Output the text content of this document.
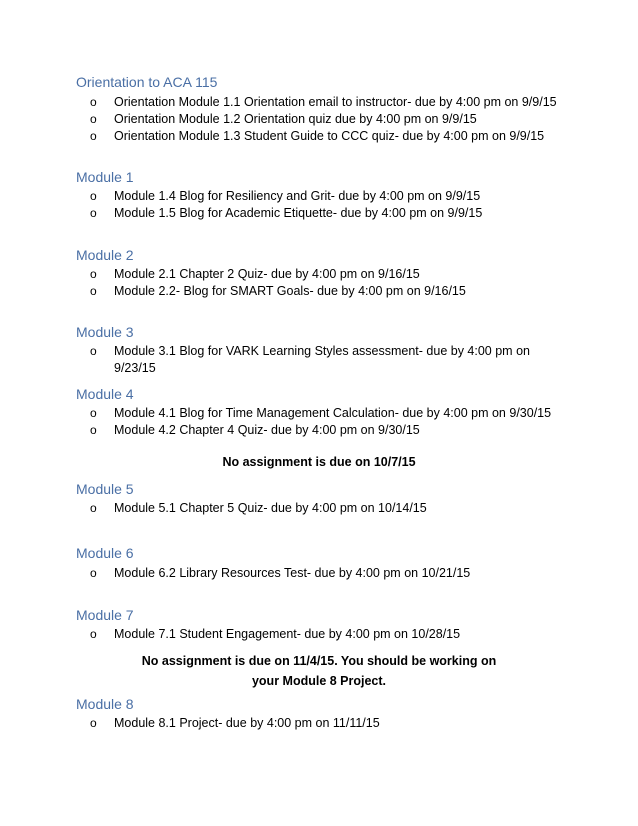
Orientation to ACA 115
o Orientation Module 1.1 Orientation email to instructor- due by 4:00 pm on 9/9/15
o Orientation Module 1.2 Orientation quiz due by 4:00 pm on 9/9/15
o Orientation Module 1.3 Student Guide to CCC quiz- due by 4:00 pm on 9/9/15
Module 1
o Module 1.4 Blog for Resiliency and Grit- due by 4:00 pm on 9/9/15
o Module 1.5 Blog for Academic Etiquette- due by 4:00 pm on 9/9/15
Module 2
o Module 2.1 Chapter 2 Quiz- due by 4:00 pm on 9/16/15
o Module 2.2- Blog for SMART Goals- due by 4:00 pm on 9/16/15
Module 3
o Module 3.1 Blog for VARK Learning Styles assessment- due by 4:00 pm on 9/23/15
Module 4
o Module 4.1 Blog for Time Management Calculation- due by 4:00 pm on 9/30/15
o Module 4.2 Chapter 4 Quiz- due by 4:00 pm on 9/30/15
No assignment is due on 10/7/15
Module 5
o Module 5.1 Chapter 5 Quiz- due by 4:00 pm on 10/14/15
Module 6
o Module 6.2 Library Resources Test- due by 4:00 pm on 10/21/15
Module 7
o Module 7.1 Student Engagement- due by 4:00 pm on 10/28/15
No assignment is due on 11/4/15. You should be working on
your Module 8 Project.
Module 8
o Module 8.1 Project- due by 4:00 pm on 11/11/15
